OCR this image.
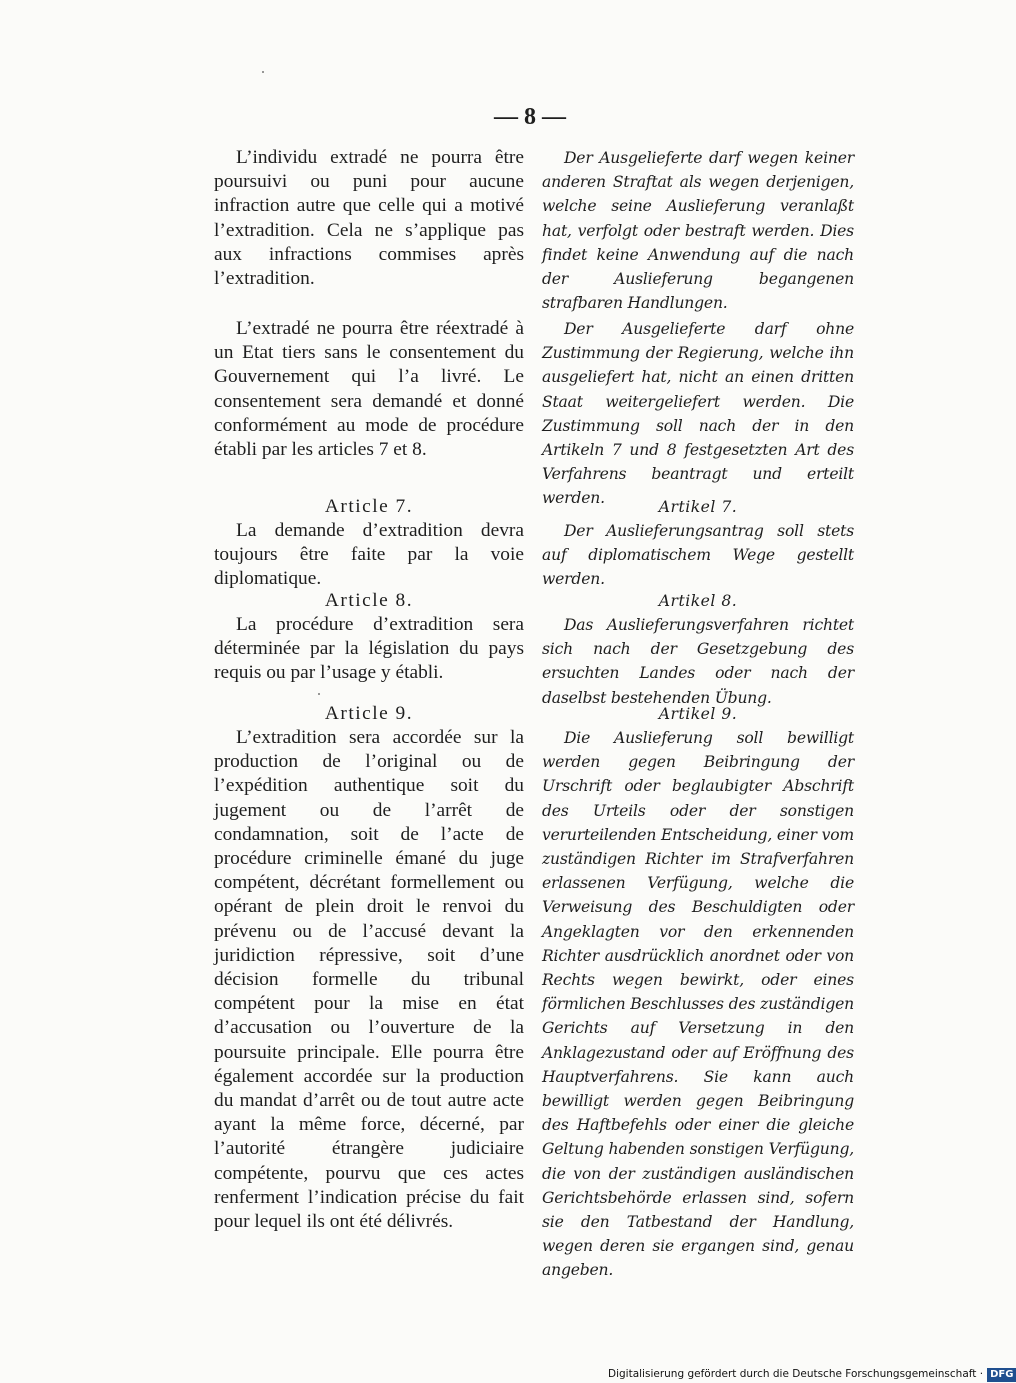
— 8 —

L’individu extradé ne pourra être poursuivi ou puni pour aucune infraction autre que celle qui a motivé l’extradition. Cela ne s’applique pas aux infractions commises après l’extradition.

L’extradé ne pourra être réextradé à un Etat tiers sans le consentement du Gouvernement qui l’a livré. Le consentement sera demandé et donné conformément au mode de procédure établi par les articles 7 et 8.

Article 7.

La demande d’extradition devra toujours être faite par la voie diplomatique.

Article 8.

La procédure d’extradition sera déterminée par la législation du pays requis ou par l’usage y établi.

Article 9.

L’extradition sera accordée sur la production de l’original ou de l’expédition authentique soit du jugement ou de l’arrêt de condamnation, soit de l’acte de procédure criminelle émané du juge compétent, décrétant formellement ou opérant de plein droit le renvoi du prévenu ou de l’accusé devant la juridiction répressive, soit d’une décision formelle du tribunal compétent pour la mise en état d’accusation ou l’ouverture de la poursuite principale. Elle pourra être également accordée sur la production du mandat d’arrêt ou de tout autre acte ayant la même force, décerné, par l’autorité étrangère judiciaire compétente, pourvu que ces actes renferment l’indication précise du fait pour lequel ils ont été délivrés.

Der Ausgelieferte darf wegen keiner anderen Straftat als wegen derjenigen, welche seine Auslieferung veranlaßt hat, verfolgt oder bestraft werden. Dies findet keine Anwendung auf die nach der Auslieferung begangenen strafbaren Handlungen.

Der Ausgelieferte darf ohne Zustimmung der Regierung, welche ihn ausgeliefert hat, nicht an einen dritten Staat weitergeliefert werden. Die Zustimmung soll nach der in den Artikeln 7 und 8 festgesetzten Art des Verfahrens beantragt und erteilt werden.	Artikel 7.

Der Auslieferungsantrag soll stets auf diplomatischem Wege gestellt werden.

Artikel 8.

Das Auslieferungsverfahren richtet sich nach der Gesetzgebung des ersuchten Landes oder nach der daselbst bestehenden Übung.

Artikel 9.

Die Auslieferung soll bewilligt werden gegen Beibringung der Urschrift oder beglaubigter Abschrift des Urteils oder der sonstigen verurteilenden Entscheidung, einer vom zuständigen Richter im Strafverfahren erlassenen Verfügung, welche die Verweisung des Beschuldigten oder Angeklagten vor den erkennenden Richter ausdrücklich anordnet oder von Rechts wegen bewirkt, oder eines förmlichen Beschlusses des zuständigen Gerichts auf Versetzung in den Anklagezustand oder auf Eröffnung des Hauptverfahrens. Sie kann auch bewilligt werden gegen Beibringung des Haftbefehls oder einer die gleiche Geltung habenden sonstigen Verfügung, die von der zuständigen ausländischen Gerichtsbehörde erlassen sind, sofern sie den Tatbestand der Handlung, wegen deren sie ergangen sind, genau angeben.

Digitalisierung gefördert durch die Deutsche Forschungsgemeinschaft · DFG
